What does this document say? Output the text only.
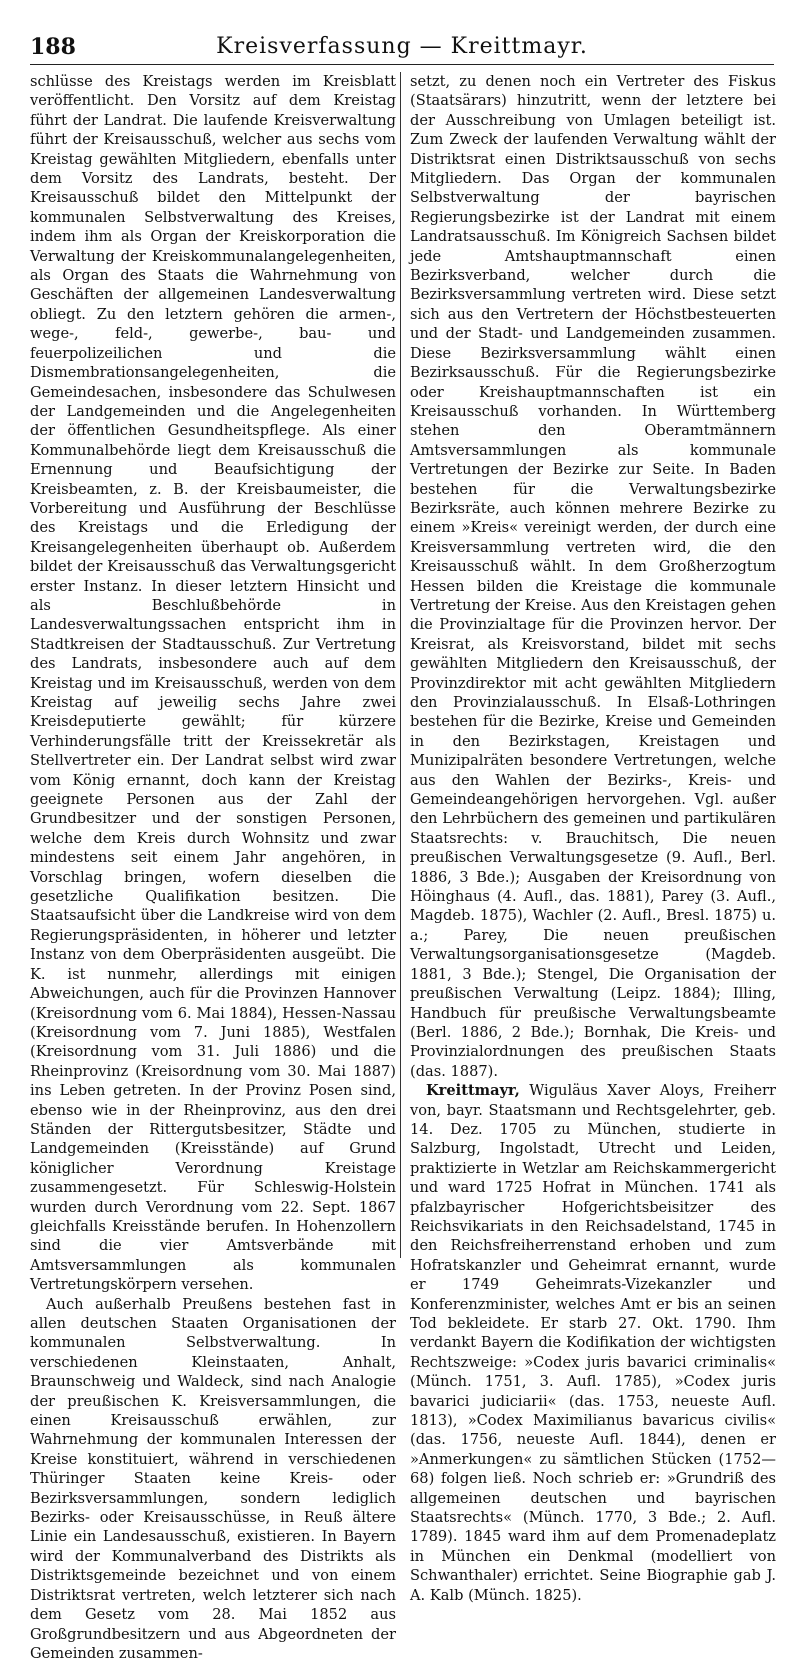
188	Kreisverfassung — Kreittmayr.

schlüsse des Kreistags werden im Kreisblatt veröffentlicht. Den Vorsitz auf dem Kreistag führt der Landrat. Die laufende Kreisverwaltung führt der Kreisausschuß, welcher aus sechs vom Kreistag gewählten Mitgliedern, ebenfalls unter dem Vorsitz des Landrats, besteht. Der Kreisausschuß bildet den Mittelpunkt der kommunalen Selbstverwaltung des Kreises, indem ihm als Organ der Kreiskorporation die Verwaltung der Kreiskommunalangelegenheiten, als Organ des Staats die Wahrnehmung von Geschäften der allgemeinen Landesverwaltung obliegt. Zu den letztern gehören die armen-, wege-, feld-, gewerbe-, bau- und feuerpolizeilichen und die Dismembrationsangelegenheiten, die Gemeindesachen, insbesondere das Schulwesen der Landgemeinden und die Angelegenheiten der öffentlichen Gesundheitspflege. Als einer Kommunalbehörde liegt dem Kreisausschuß die Ernennung und Beaufsichtigung der Kreisbeamten, z. B. der Kreisbaumeister, die Vorbereitung und Ausführung der Beschlüsse des Kreistags und die Erledigung der Kreisangelegenheiten überhaupt ob. Außerdem bildet der Kreisausschuß das Verwaltungsgericht erster Instanz. In dieser letztern Hinsicht und als Beschlußbehörde in Landesverwaltungssachen entspricht ihm in Stadtkreisen der Stadtausschuß. Zur Vertretung des Landrats, insbesondere auch auf dem Kreistag und im Kreisausschuß, werden von dem Kreistag auf jeweilig sechs Jahre zwei Kreisdeputierte gewählt; für kürzere Verhinderungsfälle tritt der Kreissekretär als Stellvertreter ein. Der Landrat selbst wird zwar vom König ernannt, doch kann der Kreistag geeignete Personen aus der Zahl der Grundbesitzer und der sonstigen Personen, welche dem Kreis durch Wohnsitz und zwar mindestens seit einem Jahr angehören, in Vorschlag bringen, wofern dieselben die gesetzliche Qualifikation besitzen. Die Staatsaufsicht über die Landkreise wird von dem Regierungspräsidenten, in höherer und letzter Instanz von dem Oberpräsidenten ausgeübt. Die K. ist nunmehr, allerdings mit einigen Abweichungen, auch für die Provinzen Hannover (Kreisordnung vom 6. Mai 1884), Hessen-Nassau (Kreisordnung vom 7. Juni 1885), Westfalen (Kreisordnung vom 31. Juli 1886) und die Rheinprovinz (Kreisordnung vom 30. Mai 1887) ins Leben getreten. In der Provinz Posen sind, ebenso wie in der Rheinprovinz, aus den drei Ständen der Rittergutsbesitzer, Städte und Landgemeinden (Kreisstände) auf Grund königlicher Verordnung Kreistage zusammengesetzt. Für Schleswig-Holstein wurden durch Verordnung vom 22. Sept. 1867 gleichfalls Kreisstände berufen. In Hohenzollern sind die vier Amtsverbände mit Amtsversammlungen als kommunalen Vertretungskörpern versehen.

Auch außerhalb Preußens bestehen fast in allen deutschen Staaten Organisationen der kommunalen Selbstverwaltung. In verschiedenen Kleinstaaten, Anhalt, Braunschweig und Waldeck, sind nach Analogie der preußischen K. Kreisversammlungen, die einen Kreisausschuß erwählen, zur Wahrnehmung der kommunalen Interessen der Kreise konstituiert, während in verschiedenen Thüringer Staaten keine Kreis- oder Bezirksversammlungen, sondern lediglich Bezirks- oder Kreisausschüsse, in Reuß ältere Linie ein Landesausschuß, existieren. In Bayern wird der Kommunalverband des Distrikts als Distriktsgemeinde bezeichnet und von einem Distriktsrat vertreten, welch letzterer sich nach dem Gesetz vom 28. Mai 1852 aus Großgrundbesitzern und aus Abgeordneten der Gemeinden zusammen-

setzt, zu denen noch ein Vertreter des Fiskus (Staatsärars) hinzutritt, wenn der letztere bei der Ausschreibung von Umlagen beteiligt ist. Zum Zweck der laufenden Verwaltung wählt der Distriktsrat einen Distriktsausschuß von sechs Mitgliedern. Das Organ der kommunalen Selbstverwaltung der bayrischen Regierungsbezirke ist der Landrat mit einem Landratsausschuß. Im Königreich Sachsen bildet jede Amtshauptmannschaft einen Bezirksverband, welcher durch die Bezirksversammlung vertreten wird. Diese setzt sich aus den Vertretern der Höchstbesteuerten und der Stadt- und Landgemeinden zusammen. Diese Bezirksversammlung wählt einen Bezirksausschuß. Für die Regierungsbezirke oder Kreishauptmannschaften ist ein Kreisausschuß vorhanden. In Württemberg stehen den Oberamtmännern Amtsversammlungen als kommunale Vertretungen der Bezirke zur Seite. In Baden bestehen für die Verwaltungsbezirke Bezirksräte, auch können mehrere Bezirke zu einem »Kreis« vereinigt werden, der durch eine Kreisversammlung vertreten wird, die den Kreisausschuß wählt. In dem Großherzogtum Hessen bilden die Kreistage die kommunale Vertretung der Kreise. Aus den Kreistagen gehen die Provinzialtage für die Provinzen hervor. Der Kreisrat, als Kreisvorstand, bildet mit sechs gewählten Mitgliedern den Kreisausschuß, der Provinzdirektor mit acht gewählten Mitgliedern den Provinzialausschuß. In Elsaß-Lothringen bestehen für die Bezirke, Kreise und Gemeinden in den Bezirkstagen, Kreistagen und Munizipalräten besondere Vertretungen, welche aus den Wahlen der Bezirks-, Kreis- und Gemeindeangehörigen hervorgehen. Vgl. außer den Lehrbüchern des gemeinen und partikulären Staatsrechts: v. Brauchitsch, Die neuen preußischen Verwaltungsgesetze (9. Aufl., Berl. 1886, 3 Bde.); Ausgaben der Kreisordnung von Höinghaus (4. Aufl., das. 1881), Parey (3. Aufl., Magdeb. 1875), Wachler (2. Aufl., Bresl. 1875) u. a.; Parey, Die neuen preußischen Verwaltungsorganisationsgesetze (Magdeb. 1881, 3 Bde.); Stengel, Die Organisation der preußischen Verwaltung (Leipz. 1884); Illing, Handbuch für preußische Verwaltungsbeamte (Berl. 1886, 2 Bde.); Bornhak, Die Kreis- und Provinzialordnungen des preußischen Staats (das. 1887).

Kreittmayr, Wiguläus Xaver Aloys, Freiherr von, bayr. Staatsmann und Rechtsgelehrter, geb. 14. Dez. 1705 zu München, studierte in Salzburg, Ingolstadt, Utrecht und Leiden, praktizierte in Wetzlar am Reichskammergericht und ward 1725 Hofrat in München. 1741 als pfalzbayrischer Hofgerichtsbeisitzer des Reichsvikariats in den Reichsadelstand, 1745 in den Reichsfreiherrenstand erhoben und zum Hofratskanzler und Geheimrat ernannt, wurde er 1749 Geheimrats-Vizekanzler und Konferenzminister, welches Amt er bis an seinen Tod bekleidete. Er starb 27. Okt. 1790. Ihm verdankt Bayern die Kodifikation der wichtigsten Rechtszweige: »Codex juris bavarici criminalis« (Münch. 1751, 3. Aufl. 1785), »Codex juris bavarici judiciarii« (das. 1753, neueste Aufl. 1813), »Codex Maximilianus bavaricus civilis« (das. 1756, neueste Aufl. 1844), denen er »Anmerkungen« zu sämtlichen Stücken (1752—68) folgen ließ. Noch schrieb er: »Grundriß des allgemeinen deutschen und bayrischen Staatsrechts« (Münch. 1770, 3 Bde.; 2. Aufl. 1789). 1845 ward ihm auf dem Promenadeplatz in München ein Denkmal (modelliert von Schwanthaler) errichtet. Seine Biographie gab J. A. Kalb (Münch. 1825).
